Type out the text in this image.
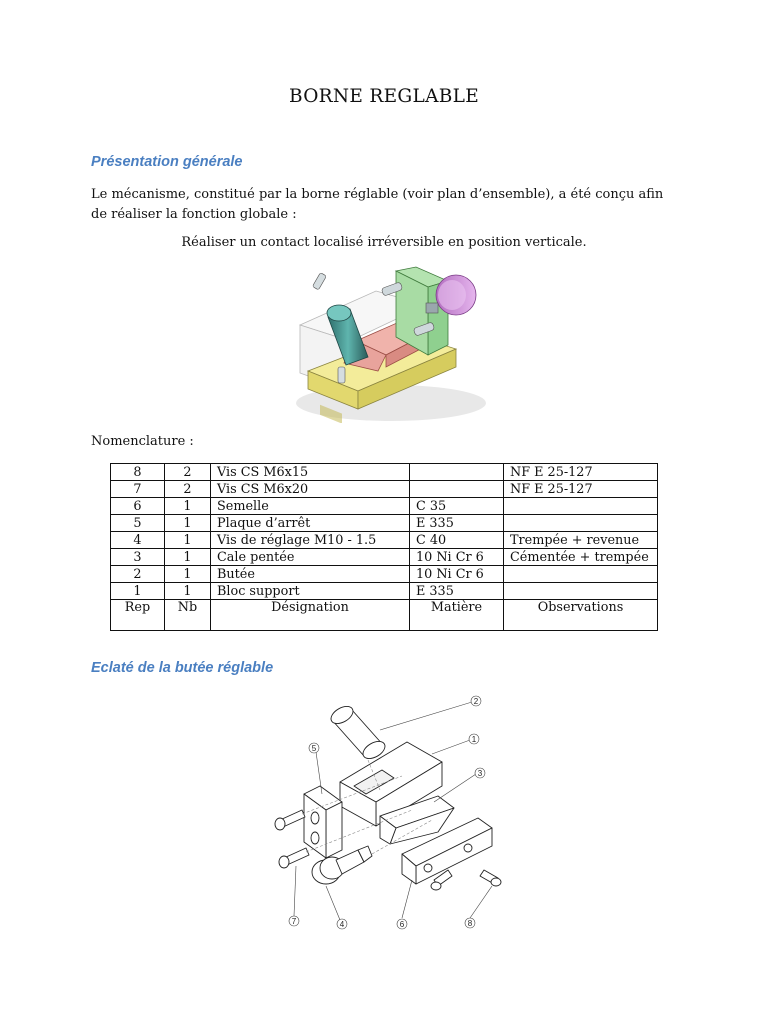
BORNE REGLABLE
Présentation générale
Le mécanisme, constitué par la borne réglable (voir plan d’ensemble), a été conçu afin de réaliser la fonction globale :
Réaliser un contact localisé irréversible en position verticale.
Nomenclature :
8	2	Vis CS M6x15		NF E 25-127
7	2	Vis CS M6x20		NF E 25-127
6	1	Semelle	C 35	
5	1	Plaque d’arrêt	E 335	
4	1	Vis de réglage M10 - 1.5	C 40	Trempée + revenue
3	1	Cale pentée	10 Ni Cr 6	Cémentée + trempée
2	1	Butée	10 Ni Cr 6	
1	1	Bloc support	E 335	
Rep	Nb	Désignation	Matière	Observations
Eclaté de la butée réglable
2
1
3
5
4
7	6	8
